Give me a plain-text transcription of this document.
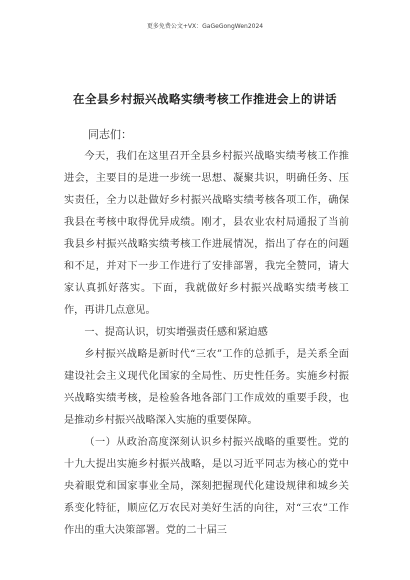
更多免费公文+VX：GaGeGongWen2024
在全县乡村振兴战略实绩考核工作推进会上的讲话
同志们：

今天，我们在这里召开全县乡村振兴战略实绩考核工作推进会，主要目的是进一步统一思想、凝聚共识，明确任务、压实责任，全力以赴做好乡村振兴战略实绩考核各项工作，确保我县在考核中取得优异成绩。刚才，县农业农村局通报了当前我县乡村振兴战略实绩考核工作进展情况，指出了存在的问题和不足，并对下一步工作进行了安排部署，我完全赞同，请大家认真抓好落实。下面，我就做好乡村振兴战略实绩考核工作，再讲几点意见。

一、提高认识，切实增强责任感和紧迫感

乡村振兴战略是新时代“三农”工作的总抓手，是关系全面建设社会主义现代化国家的全局性、历史性任务。实施乡村振兴战略实绩考核，是检验各地各部门工作成效的重要手段，也是推动乡村振兴战略深入实施的重要保障。

（一）从政治高度深刻认识乡村振兴战略的重要性。党的十九大提出实施乡村振兴战略，是以习近平同志为核心的党中央着眼党和国家事业全局，深刻把握现代化建设规律和城乡关系变化特征，顺应亿万农民对美好生活的向往，对“三农”工作作出的重大决策部署。党的二十届三
